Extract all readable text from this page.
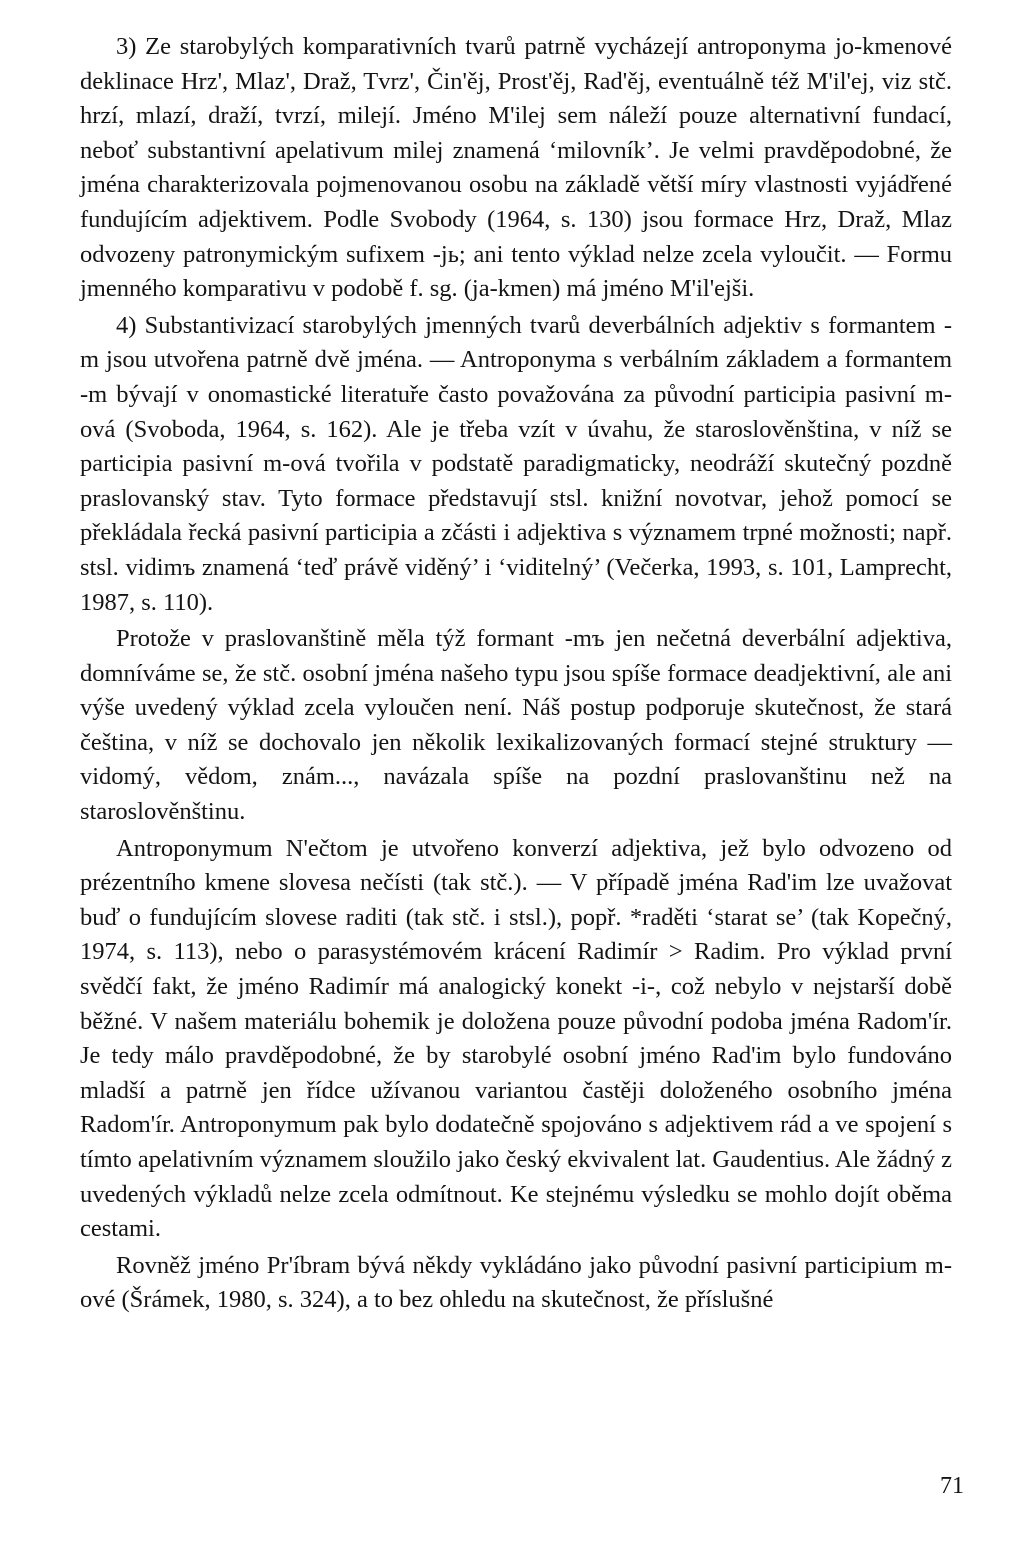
3) Ze starobylých komparativních tvarů patrně vycházejí antroponyma jo-kmenové deklinace Hrz', Mlaz', Draž, Tvrz', Čin'ěj, Prost'ěj, Rad'ěj, eventuálně též M'il'ej, viz stč. hrzí, mlazí, draží, tvrzí, milejí. Jméno M'ilej sem náleží pouze alternativní fundací, neboť substantivní apelativum milej znamená ‘milovník’. Je velmi pravděpodobné, že jména charakterizovala pojmenovanou osobu na základě větší míry vlastnosti vyjádřené fundujícím adjektivem. Podle Svobody (1964, s. 130) jsou formace Hrz, Draž, Mlaz odvozeny patronymickým sufixem -jь; ani tento výklad nelze zcela vyloučit. — Formu jmenného komparativu v podobě f. sg. (ja-kmen) má jméno M'il'ejši.

4) Substantivizací starobylých jmenných tvarů deverbálních adjektiv s formantem -m jsou utvořena patrně dvě jména. — Antroponyma s verbálním základem a formantem -m bývají v onomastické literatuře často považována za původní participia pasivní m-ová (Svoboda, 1964, s. 162). Ale je třeba vzít v úvahu, že staroslověnština, v níž se participia pasivní m-ová tvořila v podstatě paradigmaticky, neodráží skutečný pozdně praslovanský stav. Tyto formace představují stsl. knižní novotvar, jehož pomocí se překládala řecká pasivní participia a zčásti i adjektiva s významem trpné možnosti; např. stsl. vidimъ znamená ‘teď právě viděný’ i ‘viditelný’ (Večerka, 1993, s. 101, Lamprecht, 1987, s. 110).

Protože v praslovanštině měla týž formant -mъ jen nečetná deverbální adjektiva, domníváme se, že stč. osobní jména našeho typu jsou spíše formace deadjektivní, ale ani výše uvedený výklad zcela vyloučen není. Náš postup podporuje skutečnost, že stará čeština, v níž se dochovalo jen několik lexikalizovaných formací stejné struktury — vidomý, vědom, znám..., navázala spíše na pozdní praslovanštinu než na staroslověnštinu.

Antroponymum N'ečtom je utvořeno konverzí adjektiva, jež bylo odvozeno od prézentního kmene slovesa nečísti (tak stč.). — V případě jména Rad'im lze uvažovat buď o fundujícím slovese raditi (tak stč. i stsl.), popř. *raděti ‘starat se’ (tak Kopečný, 1974, s. 113), nebo o parasystémovém krácení Radimír > Radim. Pro výklad první svědčí fakt, že jméno Radimír má analogický konekt -i-, což nebylo v nejstarší době běžné. V našem materiálu bohemik je doložena pouze původní podoba jména Radom'ír. Je tedy málo pravděpodobné, že by starobylé osobní jméno Rad'im bylo fundováno mladší a patrně jen řídce užívanou variantou častěji doloženého osobního jména Radom'ír. Antroponymum pak bylo dodatečně spojováno s adjektivem rád a ve spojení s tímto apelativním významem sloužilo jako český ekvivalent lat. Gaudentius. Ale žádný z uvedených výkladů nelze zcela odmítnout. Ke stejnému výsledku se mohlo dojít oběma cestami.

Rovněž jméno Pr'íbram bývá někdy vykládáno jako původní pasivní participium m-ové (Šrámek, 1980, s. 324), a to bez ohledu na skutečnost, že příslušné

71
